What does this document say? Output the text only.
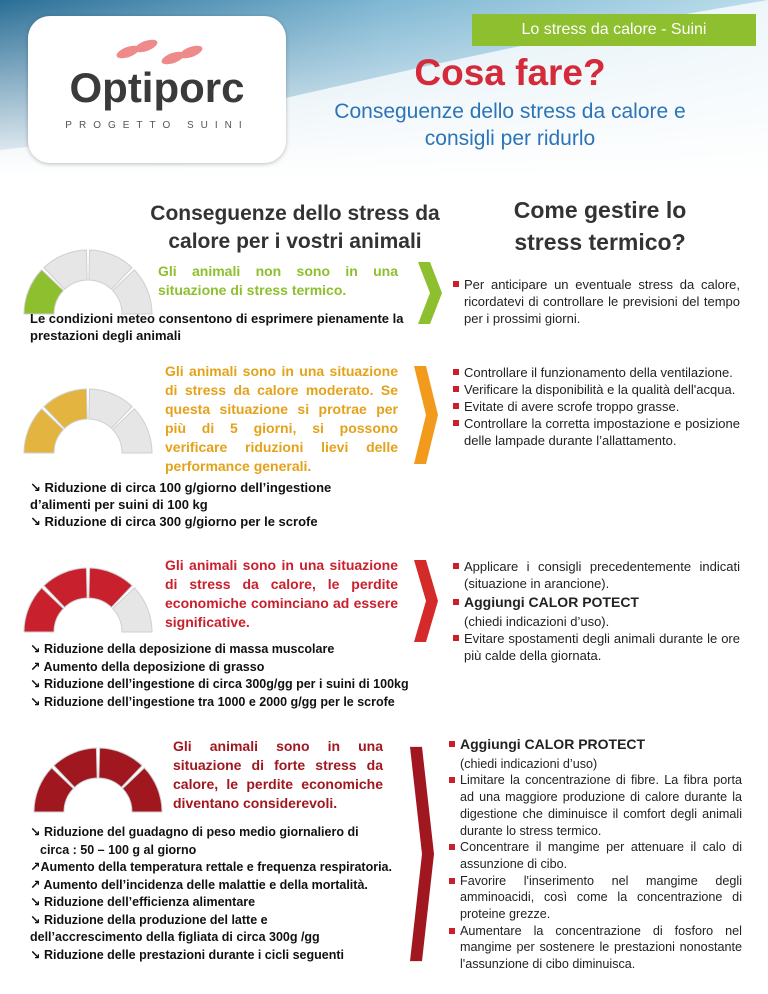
Lo stress da calore - Suini
Optiporc
PROGETTO SUINI
Cosa fare?
Conseguenze dello stress da calore e
consigli per ridurlo
Conseguenze dello stress da
calore per i vostri animali
Come gestire lo
stress termico?
Gli animali non sono in una situazione di stress termico.
Le condizioni meteo consentono di esprimere pienamente la prestazioni degli animali
Per anticipare un eventuale stress da calore, ricordatevi di controllare le previsioni del tempo per i prossimi giorni.
Gli animali sono in una situazione di stress da calore moderato. Se questa situazione si protrae per più di 5 giorni, si possono verificare riduzioni lievi delle performance generali.
↘ Riduzione di circa 100 g/giorno dell’ingestione
d’alimenti per suini di 100 kg
↘ Riduzione di circa 300 g/giorno per le scrofe
Controllare il funzionamento della ventilazione.
Verificare la disponibilità e la qualità dell'acqua.
Evitate di avere scrofe troppo grasse.
Controllare la corretta impostazione e posizione delle lampade durante l’allattamento.
Gli animali sono in una situazione di stress da calore, le perdite economiche cominciano ad essere significative.
↘ Riduzione della deposizione di massa muscolare
↗ Aumento della deposizione di grasso
↘ Riduzione dell’ingestione di circa 300g/gg per i suini di 100kg
↘ Riduzione dell’ingestione tra 1000 e 2000 g/gg per le scrofe
Applicare i consigli precedentemente indicati (situazione in arancione).
Aggiungi CALOR POTECT
(chiedi indicazioni d’uso).
Evitare spostamenti degli animali durante le ore più calde della giornata.
Gli animali sono in una situazione di forte stress da calore, le perdite economiche diventano considerevoli.
↘ Riduzione del guadagno di peso medio giornaliero di
circa : 50 – 100 g al giorno
↗Aumento della temperatura rettale e frequenza respiratoria.
↗ Aumento dell’incidenza delle malattie e della mortalità.
↘ Riduzione dell’efficienza alimentare
↘ Riduzione della produzione del latte e
dell’accrescimento della figliata di circa 300g /gg
↘ Riduzione delle prestazioni durante i cicli seguenti
Aggiungi CALOR PROTECT
(chiedi indicazioni d’uso)
Limitare la concentrazione di fibre. La fibra porta ad una maggiore produzione di calore durante la digestione che diminuisce il comfort degli animali durante lo stress termico.
Concentrare il mangime per attenuare il calo di assunzione di cibo.
Favorire l'inserimento nel mangime degli amminoacidi, così come la concentrazione di proteine grezze.
Aumentare la concentrazione di fosforo nel mangime per sostenere le prestazioni nonostante l'assunzione di cibo diminuisca.
